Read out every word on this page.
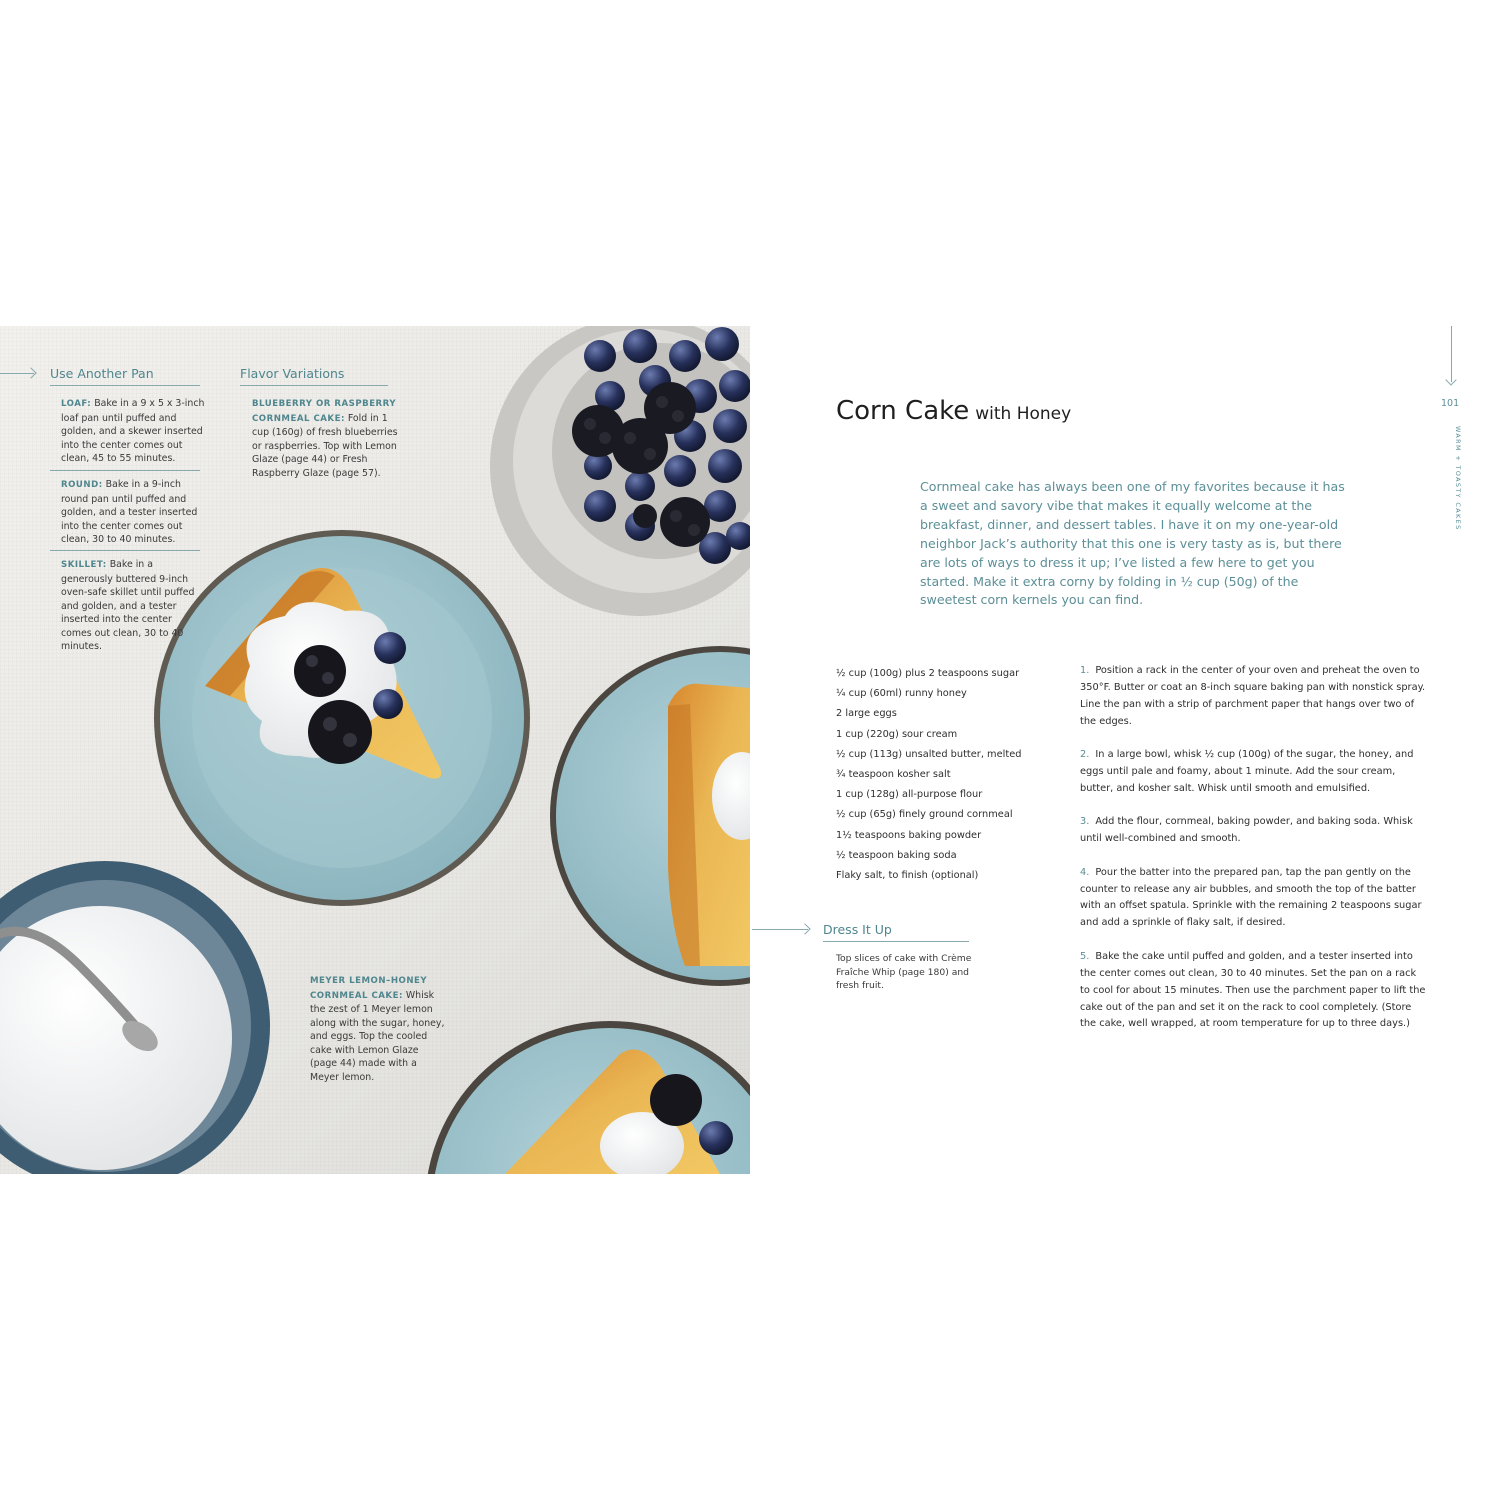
Use Another Pan
LOAF: Bake in a 9 x 5 x 3-inch loaf pan until puffed and golden, and a skewer inserted into the center comes out clean, 45 to 55 minutes.
ROUND: Bake in a 9-inch round pan until puffed and golden, and a tester inserted into the center comes out clean, 30 to 40 minutes.
SKILLET: Bake in a generously buttered 9-inch oven-safe skillet until puffed and golden, and a tester inserted into the center comes out clean, 30 to 40 minutes.
Flavor Variations
BLUEBERRY OR RASPBERRY CORNMEAL CAKE: Fold in 1 cup (160g) of fresh blueberries or raspberries. Top with Lemon Glaze (page 44) or Fresh Raspberry Glaze (page 57).
MEYER LEMON–HONEY CORNMEAL CAKE: Whisk the zest of 1 Meyer lemon along with the sugar, honey, and eggs. Top the cooled cake with Lemon Glaze (page 44) made with a Meyer lemon.
Corn Cake with Honey
Cornmeal cake has always been one of my favorites because it has a sweet and savory vibe that makes it equally welcome at the breakfast, dinner, and dessert tables. I have it on my one-year-old neighbor Jack’s authority that this one is very tasty as is, but there are lots of ways to dress it up; I’ve listed a few here to get you started. Make it extra corny by folding in ½ cup (50g) of the sweetest corn kernels you can find.
½ cup (100g) plus 2 teaspoons sugar
¼ cup (60ml) runny honey
2 large eggs
1 cup (220g) sour cream
½ cup (113g) unsalted butter, melted
¾ teaspoon kosher salt
1 cup (128g) all-purpose flour
½ cup (65g) finely ground cornmeal
1½ teaspoons baking powder
½ teaspoon baking soda
Flaky salt, to finish (optional)
1. Position a rack in the center of your oven and preheat the oven to 350°F. Butter or coat an 8-inch square baking pan with nonstick spray. Line the pan with a strip of parchment paper that hangs over two of the edges.
2. In a large bowl, whisk ½ cup (100g) of the sugar, the honey, and eggs until pale and foamy, about 1 minute. Add the sour cream, butter, and kosher salt. Whisk until smooth and emulsified.
3. Add the flour, cornmeal, baking powder, and baking soda. Whisk until well-combined and smooth.
4. Pour the batter into the prepared pan, tap the pan gently on the counter to release any air bubbles, and smooth the top of the batter with an offset spatula. Sprinkle with the remaining 2 teaspoons sugar and add a sprinkle of flaky salt, if desired.
5. Bake the cake until puffed and golden, and a tester inserted into the center comes out clean, 30 to 40 minutes. Set the pan on a rack to cool for about 15 minutes. Then use the parchment paper to lift the cake out of the pan and set it on the rack to cool completely. (Store the cake, well wrapped, at room temperature for up to three days.)
Dress It Up
Top slices of cake with Crème Fraîche Whip (page 180) and fresh fruit.
101
WARM + TOASTY CAKES
